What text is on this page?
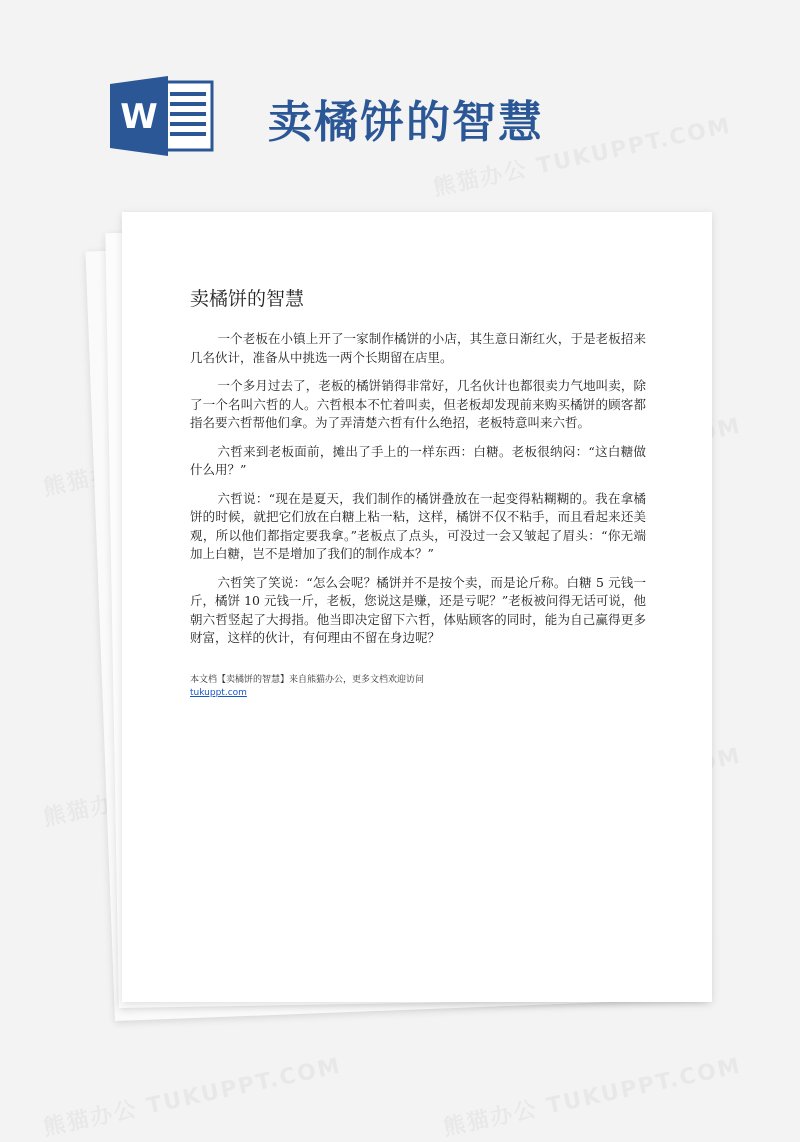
W	卖橘饼的智慧
卖橘饼的智慧

一个老板在小镇上开了一家制作橘饼的小店，其生意日渐红火，于是老板招来几名伙计，准备从中挑选一两个长期留在店里。

一个多月过去了，老板的橘饼销得非常好，几名伙计也都很卖力气地叫卖，除了一个名叫六哲的人。六哲根本不忙着叫卖，但老板却发现前来购买橘饼的顾客都指名要六哲帮他们拿。为了弄清楚六哲有什么绝招，老板特意叫来六哲。

六哲来到老板面前，摊出了手上的一样东西：白糖。老板很纳闷：“这白糖做什么用？”

六哲说：“现在是夏天，我们制作的橘饼叠放在一起变得粘糊糊的。我在拿橘饼的时候，就把它们放在白糖上粘一粘，这样，橘饼不仅不粘手，而且看起来还美观，所以他们都指定要我拿。”老板点了点头，可没过一会又皱起了眉头：“你无端加上白糖，岂不是增加了我们的制作成本？”

六哲笑了笑说：“怎么会呢？橘饼并不是按个卖，而是论斤称。白糖 5 元钱一斤，橘饼 10 元钱一斤，老板，您说这是赚，还是亏呢？”老板被问得无话可说，他朝六哲竖起了大拇指。他当即决定留下六哲，体贴顾客的同时，能为自己赢得更多财富，这样的伙计，有何理由不留在身边呢？

本文档【卖橘饼的智慧】来自熊猫办公，更多文档欢迎访问
tukuppt.com
